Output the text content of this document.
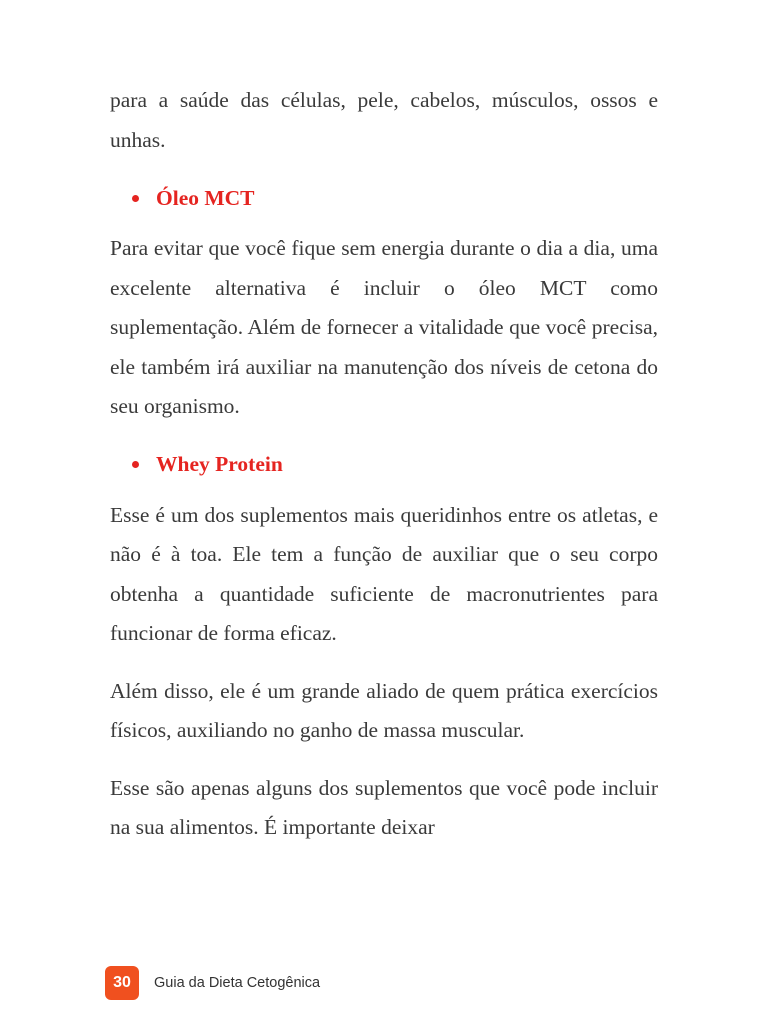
para a saúde das células, pele, cabelos, músculos, ossos e unhas.

Óleo MCT

Para evitar que você fique sem energia durante o dia a dia, uma excelente alternativa é incluir o óleo MCT como suplementação. Além de fornecer a vitalidade que você precisa, ele também irá auxiliar na manutenção dos níveis de cetona do seu organismo.

Whey Protein

Esse é um dos suplementos mais queridinhos entre os atletas, e não é à toa. Ele tem a função de auxiliar que o seu corpo obtenha a quantidade suficiente de macronutrientes para funcionar de forma eficaz.

Além disso, ele é um grande aliado de quem prática exercícios físicos, auxiliando no ganho de massa muscular.

Esse são apenas alguns dos suplementos que você pode incluir na sua alimentos. É importante deixar

30	Guia da Dieta Cetogênica
